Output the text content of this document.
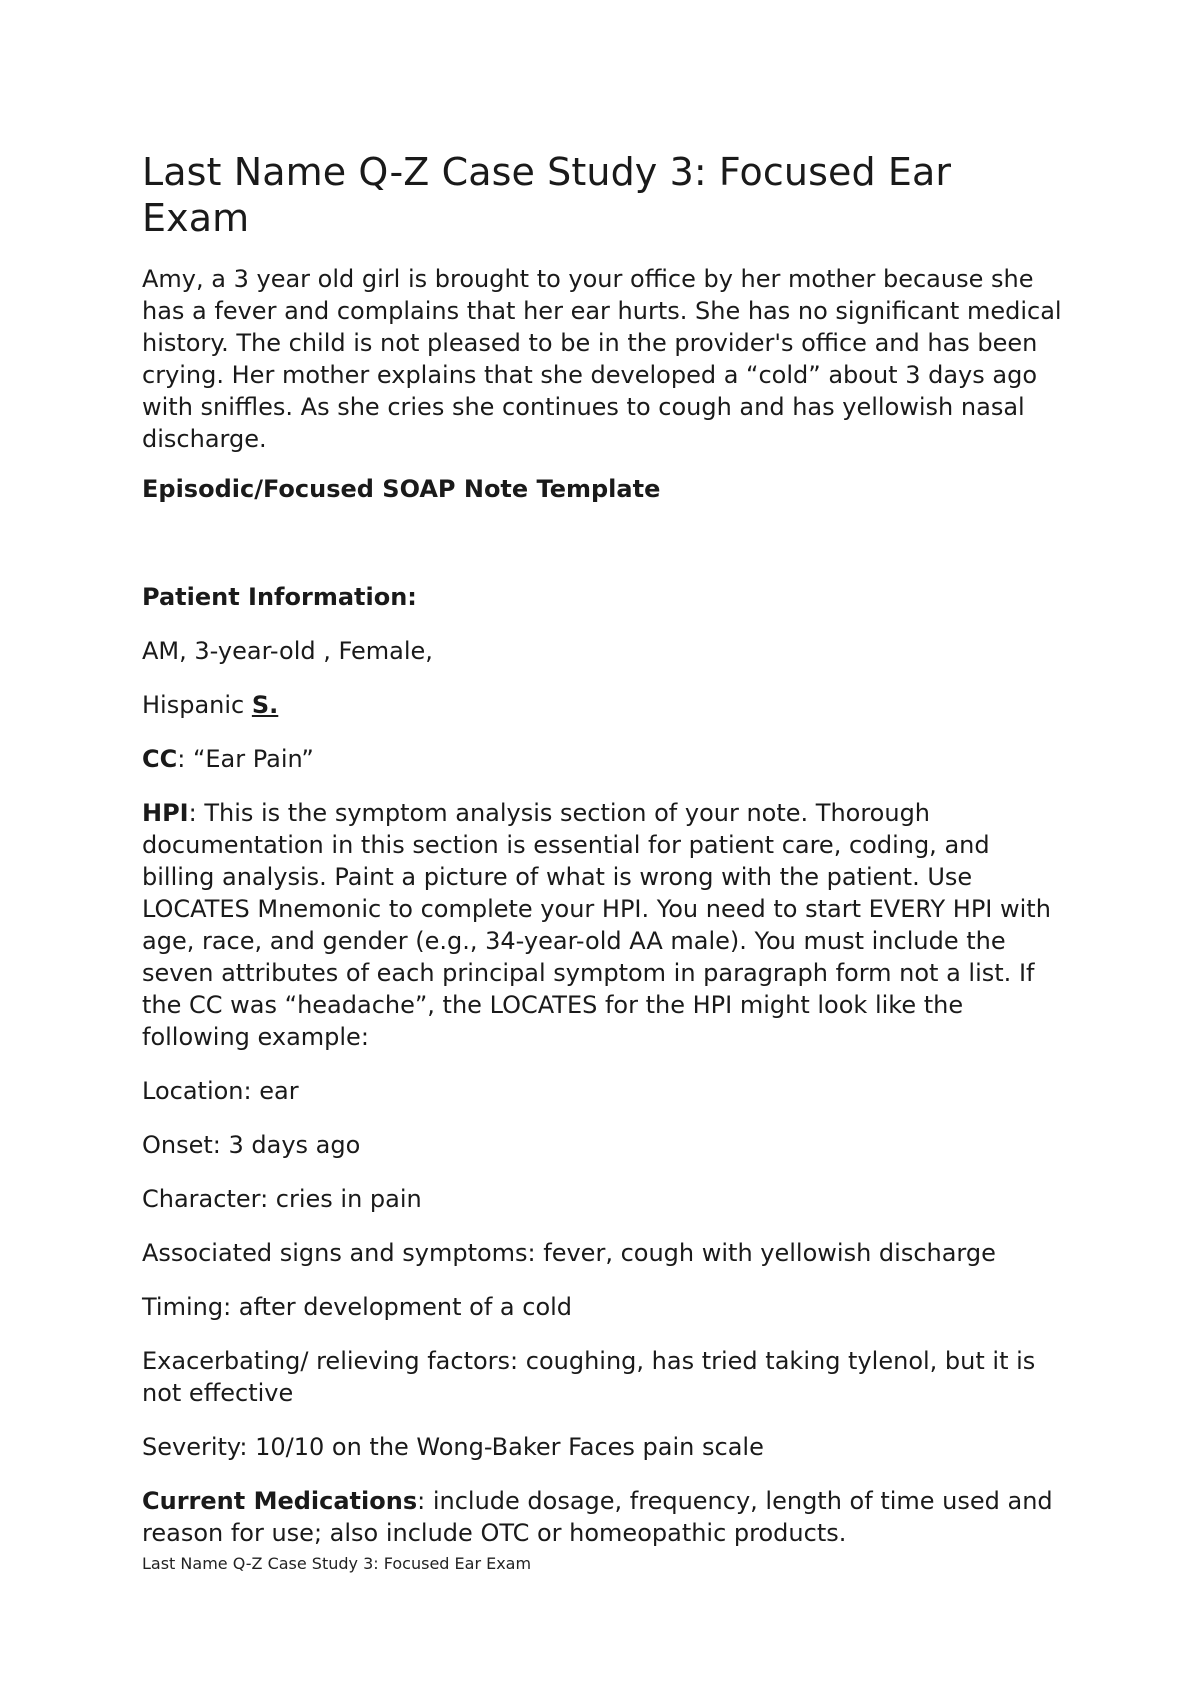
Last Name Q-Z Case Study 3: Focused Ear Exam

Amy, a 3 year old girl is brought to your office by her mother because she has a fever and complains that her ear hurts. She has no significant medical history. The child is not pleased to be in the provider's office and has been crying. Her mother explains that she developed a “cold” about 3 days ago with sniffles. As she cries she continues to cough and has yellowish nasal discharge.

Episodic/Focused SOAP Note Template

Patient Information:

AM, 3-year-old , Female,

Hispanic S.

CC: “Ear Pain”

HPI: This is the symptom analysis section of your note. Thorough documentation in this section is essential for patient care, coding, and billing analysis. Paint a picture of what is wrong with the patient. Use LOCATES Mnemonic to complete your HPI. You need to start EVERY HPI with age, race, and gender (e.g., 34-year-old AA male). You must include the seven attributes of each principal symptom in paragraph form not a list. If the CC was “headache”, the LOCATES for the HPI might look like the following example:

Location: ear

Onset: 3 days ago

Character: cries in pain

Associated signs and symptoms: fever, cough with yellowish discharge

Timing: after development of a cold

Exacerbating/ relieving factors: coughing, has tried taking tylenol, but it is not effective

Severity: 10/10 on the Wong-Baker Faces pain scale

Current Medications: include dosage, frequency, length of time used and reason for use; also include OTC or homeopathic products.

Last Name Q-Z Case Study 3: Focused Ear Exam
